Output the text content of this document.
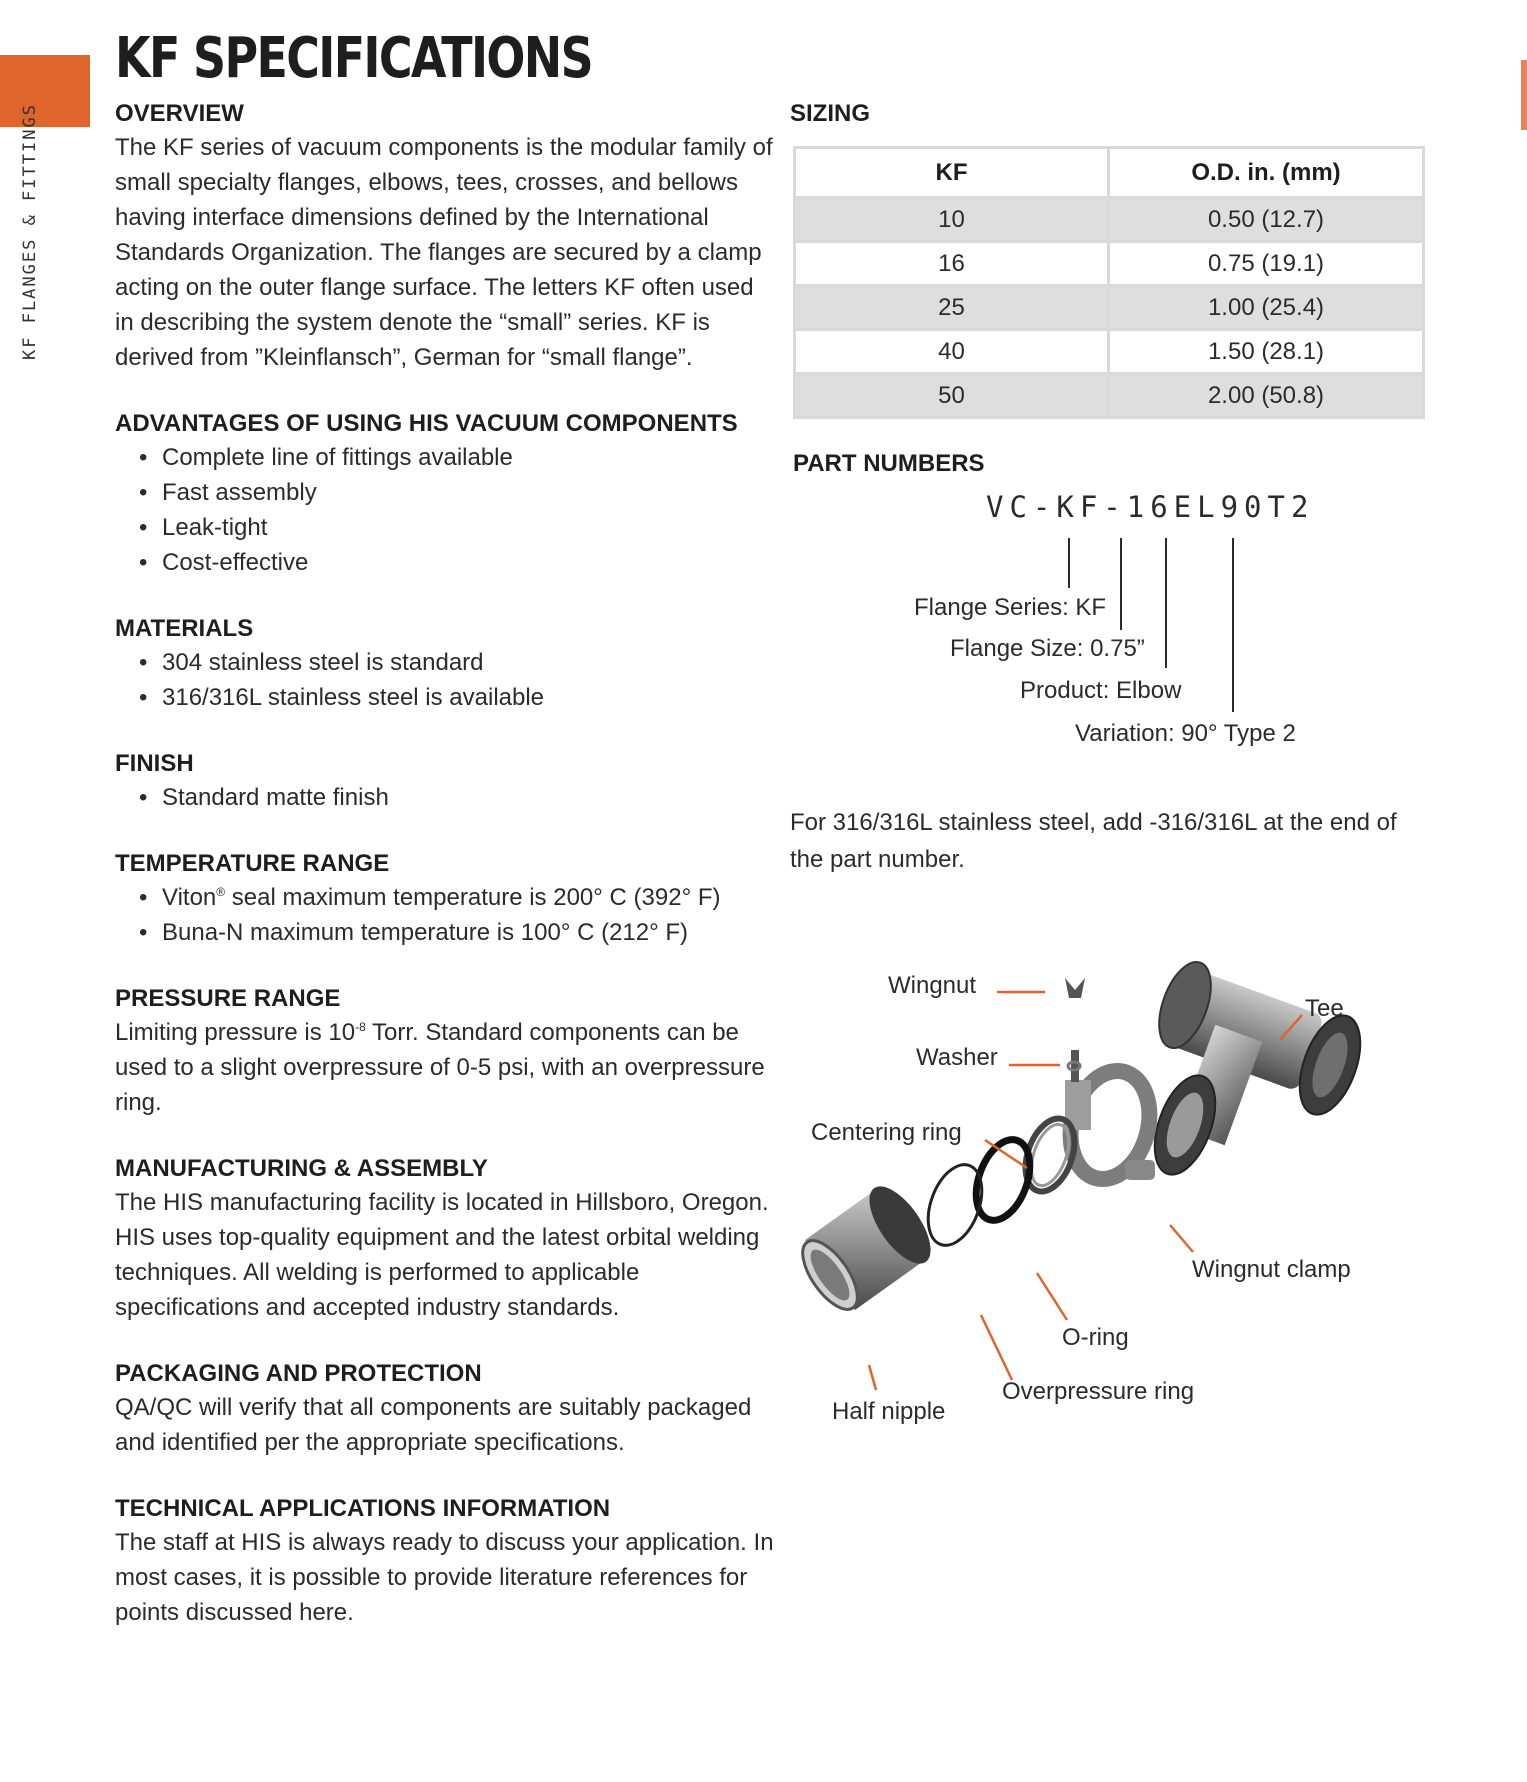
KF FLANGES & FITTINGS
KF SPECIFICATIONS
OVERVIEW

The KF series of vacuum components is the modular family of small specialty flanges, elbows, tees, crosses, and bellows having interface dimensions defined by the International Standards Organization. The flanges are secured by a clamp acting on the outer flange surface. The letters KF often used in describing the system denote the “small” series. KF is derived from ”Kleinflansch”, German for “small flange”.

ADVANTAGES OF USING HIS VACUUM COMPONENTS
• Complete line of fittings available
• Fast assembly
• Leak-tight
• Cost-effective
MATERIALS
• 304 stainless steel is standard
• 316/316L stainless steel is available
FINISH
• Standard matte finish
TEMPERATURE RANGE
• Viton® seal maximum temperature is 200° C (392° F)
• Buna-N maximum temperature is 100° C (212° F)
PRESSURE RANGE

Limiting pressure is $10^{-8}$ Torr. Standard components can be used to a slight overpressure of 0-5 psi, with an overpressure ring.

MANUFACTURING & ASSEMBLY

The HIS manufacturing facility is located in Hillsboro, Oregon. HIS uses top-quality equipment and the latest orbital welding techniques. All welding is performed to applicable specifications and accepted industry standards.

PACKAGING AND PROTECTION

QA/QC will verify that all components are suitably packaged and identified per the appropriate specifications.

TECHNICAL APPLICATIONS INFORMATION

The staff at HIS is always ready to discuss your application. In most cases, it is possible to provide literature references for points discussed here.

SIZING
KF	O.D. in. (mm)
10	0.50 (12.7)
16	0.75 (19.1)
25	1.00 (25.4)
40	1.50 (28.1)
50	2.00 (50.8)
PART NUMBERS
VC-KF-16EL90T2
Flange Series: KF
Flange Size: 0.75”
Product: Elbow
Variation: 90° Type 2
For 316/316L stainless steel, add -316/316L at the end of the part number.
Wingnut
Washer
Centering ring
Tee
Wingnut clamp
O-ring
Overpressure ring
Half nipple
